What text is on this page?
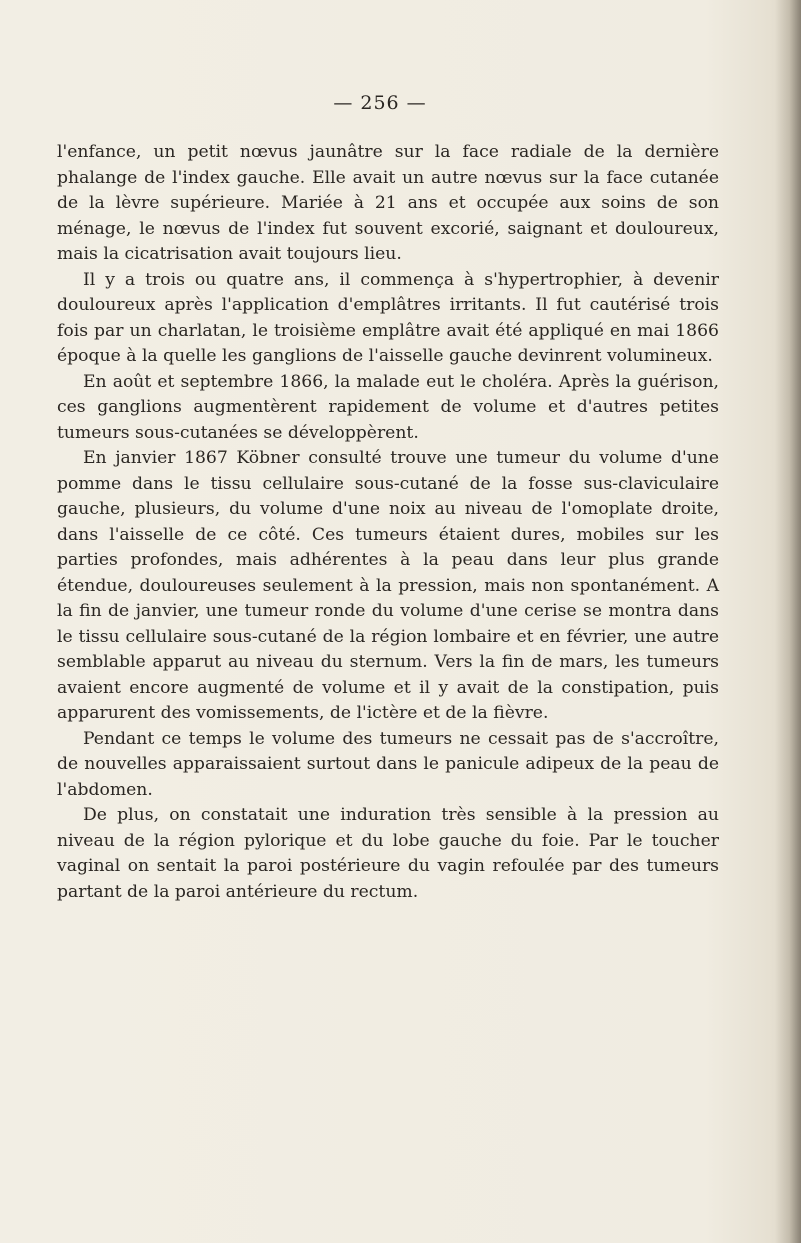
— 256 —

l'enfance, un petit nœvus jaunâtre sur la face radiale de la dernière phalange de l'index gauche. Elle avait un autre nœvus sur la face cutanée de la lèvre supérieure. Mariée à 21 ans et occupée aux soins de son ménage, le nœvus de l'index fut souvent excorié, saignant et douloureux, mais la cicatrisation avait toujours lieu.

Il y a trois ou quatre ans, il commença à s'hypertrophier, à devenir douloureux après l'application d'emplâtres irritants. Il fut cautérisé trois fois par un charlatan, le troisième emplâtre avait été appliqué en mai 1866 époque à la quelle les ganglions de l'aisselle gauche devinrent volumineux.

En août et septembre 1866, la malade eut le choléra. Après la guérison, ces ganglions augmentèrent rapidement de volume et d'autres petites tumeurs sous-cutanées se développèrent.

En janvier 1867 Köbner consulté trouve une tumeur du volume d'une pomme dans le tissu cellulaire sous-cutané de la fosse sus-claviculaire gauche, plusieurs, du volume d'une noix au niveau de l'omoplate droite, dans l'aisselle de ce côté. Ces tumeurs étaient dures, mobiles sur les parties profondes, mais adhérentes à la peau dans leur plus grande étendue, douloureuses seulement à la pression, mais non spontanément. A la fin de janvier, une tumeur ronde du volume d'une cerise se montra dans le tissu cellulaire sous-cutané de la région lombaire et en février, une autre semblable apparut au niveau du sternum. Vers la fin de mars, les tumeurs avaient encore augmenté de volume et il y avait de la constipation, puis apparurent des vomissements, de l'ictère et de la fièvre.

Pendant ce temps le volume des tumeurs ne cessait pas de s'accroître, de nouvelles apparaissaient surtout dans le panicule adipeux de la peau de l'abdomen.

De plus, on constatait une induration très sensible à la pression au niveau de la région pylorique et du lobe gauche du foie. Par le toucher vaginal on sentait la paroi postérieure du vagin refoulée par des tumeurs partant de la paroi antérieure du rectum.
